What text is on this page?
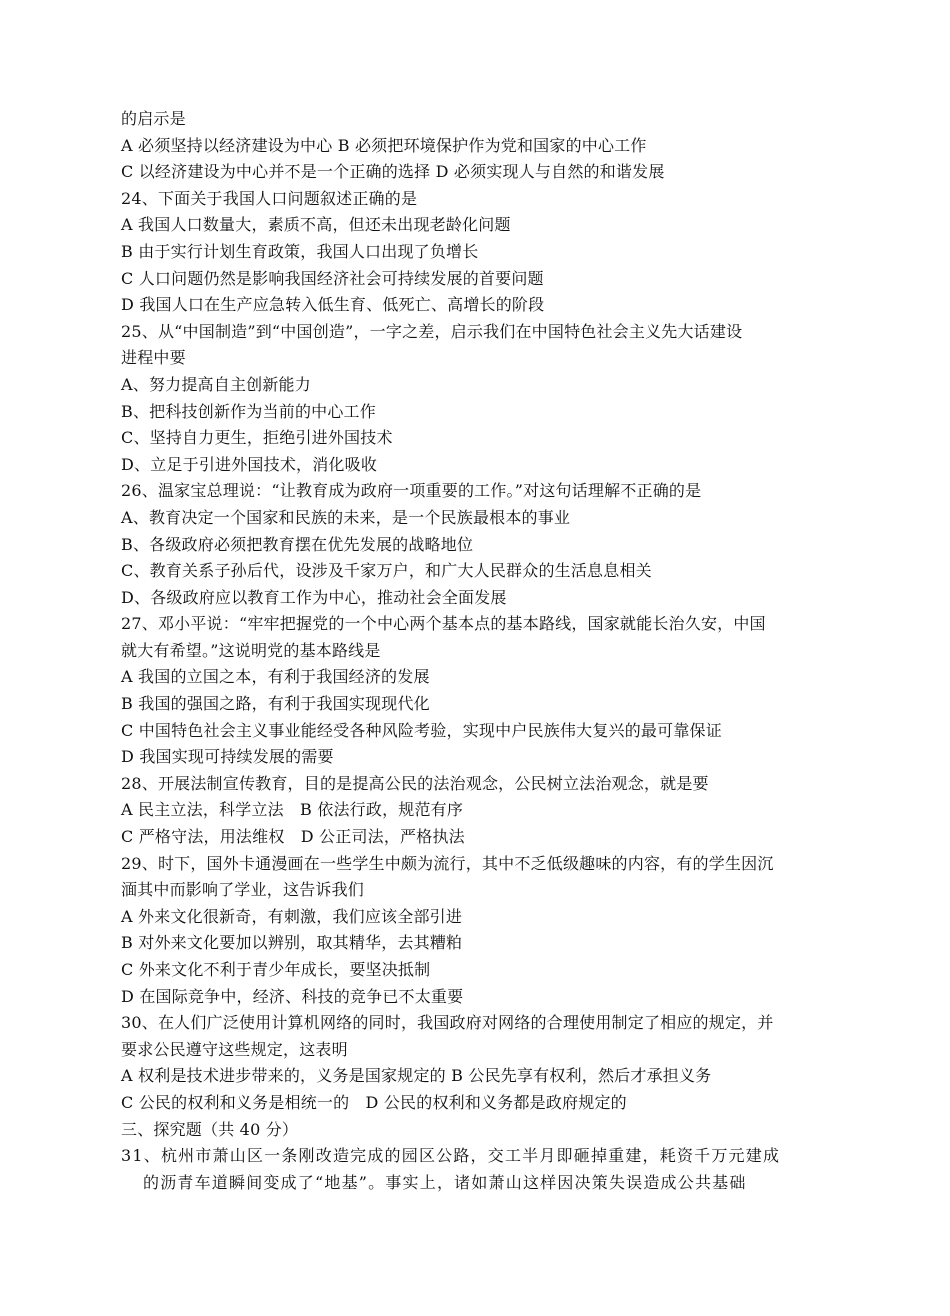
的启示是
A 必须坚持以经济建设为中心 B 必须把环境保护作为党和国家的中心工作
C 以经济建设为中心并不是一个正确的选择 D 必须实现人与自然的和谐发展
24、下面关于我国人口问题叙述正确的是
A 我国人口数量大，素质不高，但还未出现老龄化问题
B 由于实行计划生育政策，我国人口出现了负增长
C 人口问题仍然是影响我国经济社会可持续发展的首要问题
D 我国人口在生产应急转入低生育、低死亡、高增长的阶段
25、从“中国制造”到“中国创造”，一字之差，启示我们在中国特色社会主义先大话建设
进程中要
A、努力提高自主创新能力
B、把科技创新作为当前的中心工作
C、坚持自力更生，拒绝引进外国技术
D、立足于引进外国技术，消化吸收
26、温家宝总理说：“让教育成为政府一项重要的工作。”对这句话理解不正确的是
A、教育决定一个国家和民族的未来，是一个民族最根本的事业
B、各级政府必须把教育摆在优先发展的战略地位
C、教育关系子孙后代，设涉及千家万户，和广大人民群众的生活息息相关
D、各级政府应以教育工作为中心，推动社会全面发展
27、邓小平说：“牢牢把握党的一个中心两个基本点的基本路线，国家就能长治久安，中国
就大有希望。”这说明党的基本路线是
A 我国的立国之本，有利于我国经济的发展
B 我国的强国之路，有利于我国实现现代化
C 中国特色社会主义事业能经受各种风险考验，实现中户民族伟大复兴的最可靠保证
D 我国实现可持续发展的需要
28、开展法制宣传教育，目的是提高公民的法治观念，公民树立法治观念，就是要
A 民主立法，科学立法　B 依法行政，规范有序
C 严格守法，用法维权　D 公正司法，严格执法
29、时下，国外卡通漫画在一些学生中颇为流行，其中不乏低级趣味的内容，有的学生因沉
湎其中而影响了学业，这告诉我们
A 外来文化很新奇，有刺激，我们应该全部引进
B 对外来文化要加以辨别，取其精华，去其糟粕
C 外来文化不利于青少年成长，要坚决抵制
D 在国际竞争中，经济、科技的竞争已不太重要
30、在人们广泛使用计算机网络的同时，我国政府对网络的合理使用制定了相应的规定，并
要求公民遵守这些规定，这表明
A 权利是技术进步带来的，义务是国家规定的 B 公民先享有权利，然后才承担义务
C 公民的权利和义务是相统一的　D 公民的权利和义务都是政府规定的
三、探究题（共 40 分）
31、杭州市萧山区一条刚改造完成的园区公路，交工半月即砸掉重建，耗资千万元建成
的沥青车道瞬间变成了“地基”。事实上，诸如萧山这样因决策失误造成公共基础
